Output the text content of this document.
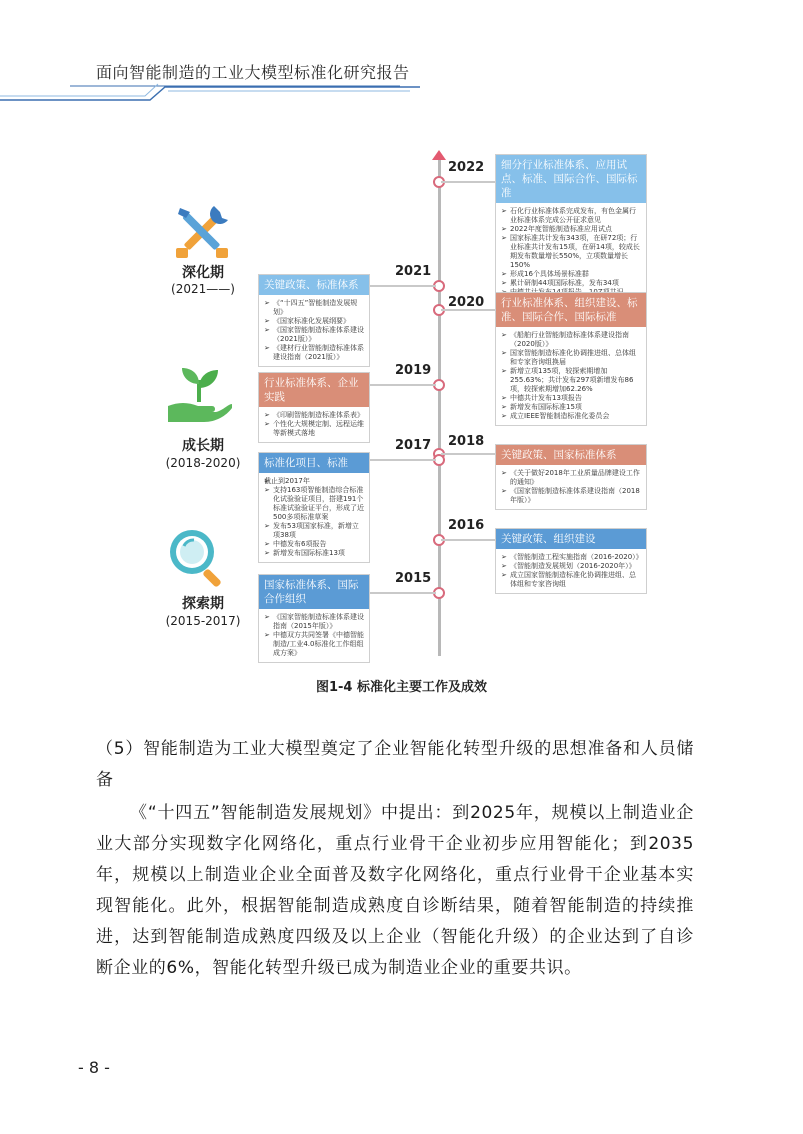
面向智能制造的工业大模型标准化研究报告
2022
2021
2020
2019
2018
2017
2016
2015
细分行业标准体系、应用试点、标准、国际合作、国际标准
➢ 石化行业标准体系完成发布，有色金属行业标准体系完成公开征求意见
➢ 2022年度智能制造标准应用试点
➢ 国家标准共计发布343项，在研72项；行业标准共计发布15项，在研14项，较成长期发布数量增长550%，立项数量增长150%
➢ 形成16个具体场景标准群
➢ 累计研制44项国际标准，发布34项
➢
关键政策、标准体系
➢ 《“十四五”智能制造发展规划》
➢ 《国家标准化发展纲要》
➢ 《国家智能制造标准体系建设（2021版）》
➢ 《建材行业智能制造标准体系建设指南（2021版）》
行业标准体系、组织建设、标准、国际合作、国际标准
➢ 《船舶行业智能制造标准体系建设指南（2020版）》
➢ 国家智能制造标准化协调推进组、总体组和专家咨询组换届
➢ 新增立项135项，较探索期增加255.63%；共计发布297项新增发布86项，较探索期增加62.26%
➢ 中德共计发布13项报告
➢ 新增发布国际标准15项
➢ 成立IEEE智能制造标准化委员会
行业标准体系、企业实践
➢ 《印刷智能制造标准体系表》
➢ 个性化大规模定制、远程运维等新模式落地
关键政策、国家标准体系
➢ 《关于做好2018年工业质量品牌建设工作的通知》
➢ 《国家智能制造标准体系建设指南（2018年版）》
标准化项目、标准
➢ 截止到2017年
➢ 支持163项智能制造综合标准化试验验证项目，搭建191个标准试验验证平台，形成了近500多项标准草案
➢ 发布53项国家标准，新增立项38项
➢ 中德发布6项报告
➢ 新增发布国际标准13项
关键政策、组织建设
➢ 《智能制造工程实施指南（2016-2020）》
➢ 《智能制造发展规划（2016-2020年）》
➢ 成立国家智能制造标准化协调推进组、总体组和专家咨询组
国家标准体系、国际合作组织
➢ 《国家智能制造标准体系建设指南（2015年版）》
➢ 中德双方共同签署《中德智能制造/工业4.0标准化工作组组成方案》
深化期
(2021——)
成长期
(2018-2020)
探索期
(2015-2017)
图1-4 标准化主要工作及成效
（5）智能制造为工业大模型奠定了企业智能化转型升级的思想准备和人员储备
《“十四五”智能制造发展规划》中提出：到2025年，规模以上制造业企业大部分实现数字化网络化，重点行业骨干企业初步应用智能化；到2035年，规模以上制造业企业全面普及数字化网络化，重点行业骨干企业基本实现智能化。此外，根据智能制造成熟度自诊断结果，随着智能制造的持续推进，达到智能制造成熟度四级及以上企业（智能化升级）的企业达到了自诊断企业的6%，智能化转型升级已成为制造业企业的重要共识。
- 8 -
